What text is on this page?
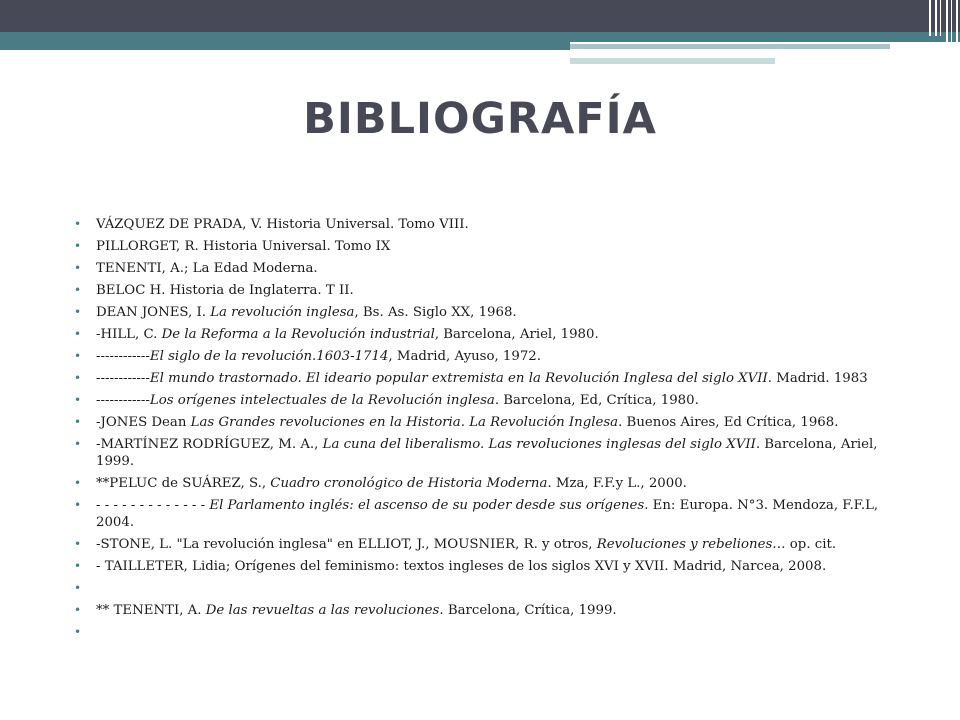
BIBLIOGRAFÍA
• VÁZQUEZ DE PRADA, V. Historia Universal. Tomo VIII.
• PILLORGET, R. Historia Universal. Tomo IX
• TENENTI, A.; La Edad Moderna.
• BELOC H. Historia de Inglaterra. T II.
• DEAN JONES, I. La revolución inglesa, Bs. As. Siglo XX, 1968.
• -HILL, C. De la Reforma a la Revolución industrial, Barcelona, Ariel, 1980.
• ------------El siglo de la revolución.1603-1714, Madrid, Ayuso, 1972.
• ------------El mundo trastornado. El ideario popular extremista en la Revolución Inglesa del siglo XVII. Madrid. 1983
• ------------Los orígenes intelectuales de la Revolución inglesa. Barcelona, Ed, Crítica, 1980.
• -JONES Dean Las Grandes revoluciones en la Historia. La Revolución Inglesa. Buenos Aires, Ed Crítica, 1968.
• -MARTÍNEZ RODRÍGUEZ, M. A., La cuna del liberalismo. Las revoluciones inglesas del siglo XVII. Barcelona, Ariel, 1999.
• **PELUC de SUÁREZ, S., Cuadro cronológico de Historia Moderna. Mza, F.F.y L., 2000.
• - - - - - - - - - - - - - El Parlamento inglés: el ascenso de su poder desde sus orígenes. En: Europa. N°3. Mendoza, F.F.L, 2004.
• -STONE, L. "La revolución inglesa" en ELLIOT, J., MOUSNIER, R. y otros, Revoluciones y rebeliones… op. cit.
• - TAILLETER, Lidia; Orígenes del feminismo: textos ingleses de los siglos XVI y XVII. Madrid, Narcea, 2008.
•
• ** TENENTI, A. De las revueltas a las revoluciones. Barcelona, Crítica, 1999.
•
